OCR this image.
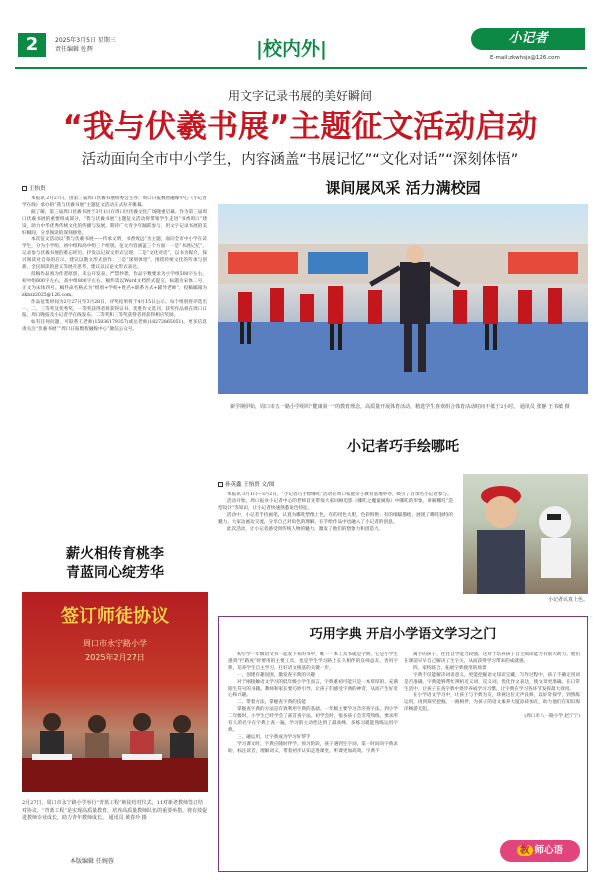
2	2025年3月5日 星期三
责任编辑 佐辉	|校内外|	小记者
E-mail:zkwhsjs@126.com
用文字记录书展的美好瞬间
“我与伏羲书展”主题征文活动启动
活动面向全市中小学生，内容涵盖“书展记忆”“文化对话”“深刻体悟”
王怡贵

本报讯 2月27日，由第三届周口伏羲书展组委会主办、周口日报数智融媒中心《小记者学在线》承办的“我与伏羲书展”主题征文活动正式拉开帷幕。

据了解，第三届周口伏羲书展于3月1日在周口区伏羲文化广场隆重启幕。作为第三届周口伏羲书展的重要组成部分，“我与伏羲书展”主题征文活动将带领学生走进“书香周口”建设，助力中华优秀传统文化的传播与发展。期待广大青少年踊跃参与，用文字记录书展的美好瞬间，分享阅读的深刻感悟。

本次征文活动以“我与伏羲书展——传承文明，书香致远”为主题，面向全市中小学在读学生，分为小学组、初中组和高中组三个组别。征文内容涵盖三个方面：一是“书展记忆”，记录参与伏羲书展的难忘经历，抒发以记叙文形式呈现；二是“文化对话”，以书为媒介，探讨阅读对自身的启示，建议以散文形式创作；三是“深刻体悟”，围绕传统文化的传承与创新，全民阅读的意义等展开思考，建议以议论文形式表达。

投稿作品须为作者原创，未公开发表，严禁抄袭。作品字数要求为小学组500字左右，初中组600字左右，高中组800字左右。稿件需以Word文档形式提交，标题为宋体二号，正文为宋体四号。稿件命名格式为“组别+学校+姓名+联系方式+辅导老师”，投稿邮箱为zkbzz2025@126.com。

作品征集时间为2月27日至3月28日，评奖结果将于4月15日公示。每个组别将评选出一、二、三等奖及优秀奖，一等奖获得者将获得证书、优胜作文选刊，获奖作品将在周口日报、周口晚报及小记者学在线发布。二等奖和三等奖获得者将获得相应奖励。

如有任何问题，可联系王老师(15836179357)或岳老师(18272865051)。更多信息请关注“伏羲书展”“周口日报数智融媒中心”微信公众号。

课间展风采 活力满校园
新学期伊始，周口市五一路小学组织“健康第一”的教育理念，高质量开展体育活动，精选学生喜欢组合体育活动时间不低于2小时。 通讯员 张静 王书敏 摄
薪火相传育桃李
青蓝同心绽芳华
签订师徒协议
周口市永宁路小学
2025年2月27日
2月27日，周口市永宁路小学举行“青蓝工程”师徒结对仪式，11对新老教师签订结对协议，“青蓝工程”是实现高质量教育，培养高质量教师队伍的重要举措，将有效促进教师专业成长，助力青年教师成长。 通讯员 黄春玲 摄
本版编辑 任婉蓉
小记者巧手绘哪吒
孙英鑫 王怡贵 文/图

本报讯 3月1日—3月2日，“小记者巧手绘哪吒”活动在周口家庭亲子教育基地举办，吸引了百余名小记者参与。

活动开始，周口报业小记者中心的老师首先带领大家回顾电影《哪吒之魔童闹海》中哪吒的形象，讲解哪吒“造型设计”等知识，让小记者快速熟悉角色特征。

活动中，小记者手持画笔，认真为哪吒塑像上色，有的用色大胆，色彩鲜艳；有的细腻描绘，展现了哪吒独特的魅力。大家边画边交流，分享自己对角色的理解，在手绘作品中也融入了小记者的创意。

此次活动，让小记者感受到传统人物的魅力，激发了他们的想象力和创造力。

小记者认真上色。
巧用字典 开启小学语文学习之门

初小学一年级语文书一起发下来的书中，唯一一本工具书就是字典，它是小学生遇到“拦路虎”时要用的主要工具，也是学生学习路上长久相伴的良师益友。善用字典，培养学生自主学习，打好语文根基的关键一步。

一、创建有趣氛围，激发查字典的兴趣

对于刚接触语文学习的低年级小学生而言，字典难初可能只是一本厚厚的、充满陌生符号的书籍。教师和家长要巧妙引导，让孩子们感受字典的神奇，从而产生好奇心和兴趣。

二、带着方法，掌握查字典的技能

掌握查字典的方法是有效利用字典的基础。一年级主要学习音序查字法，到小学二年级时，小学生已经学会了部首查字法。初学会时，很多孩子会非常熟练，要求所有人的名字在字典上查一遍，学习的主动性达到了最高峰，多练习就能熟练运用字典。

三、融运用，让字典成为学习好帮手

学习课文时，字典应随时伴学。预习阶段，孩子遇到生字词，第一时间向字典求助，标注读音，理解词义，带着初步认知走进课堂，听课更加高效。字典不

离手的孩子，往往自学能力较强，这对于培养孩子自主阅读能力有很大助力。他们在课前早早自己解决了生字关，从而获得学习带来的成就感。

四、家校联合，拓展字典使用的场景

字典不仅能解决词语意义，更能挖掘语文知识宝藏，写作过程中，孩子不确定用词是否准确，字典能够帮忙辨析近义词、反义词，优化作文表达，使文章更准确。在日常生活中，让孩子在查字典中逐步养成学习习惯，让字典在学习各环节发挥最大效用。

在小学语文学习中，让孩子与字典为友，珍视这位无声良师，以好奇探学，到熟练运用，再到探究挖掘，一路相伴，为孩子的语文素养大厦添砖加瓦，助力他们在知识海洋畅游无阻。

(周口市八一路小学 赵宁宁)

教 师心语
